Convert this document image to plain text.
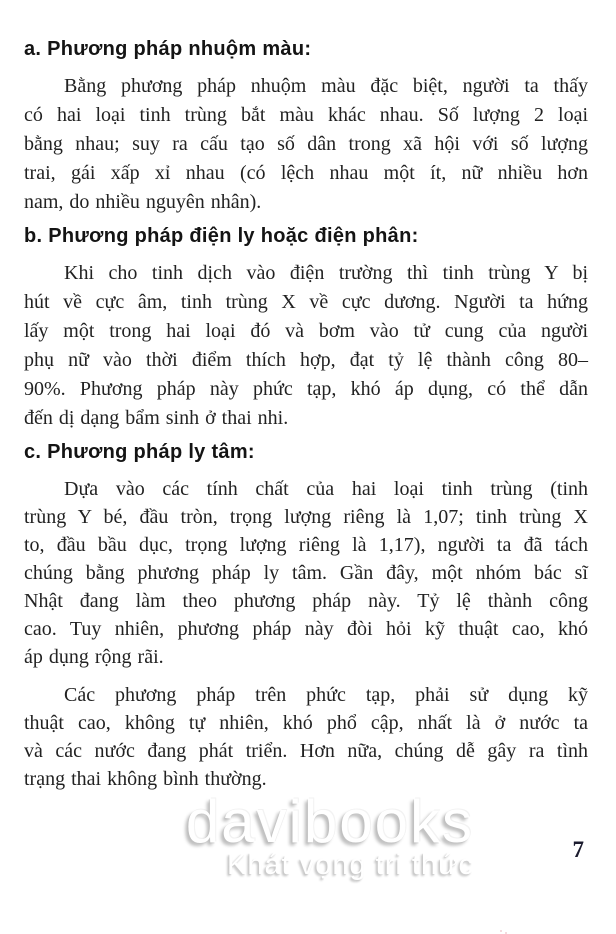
a. Phương pháp nhuộm màu:
Bằng phương pháp nhuộm màu đặc biệt, người ta thấy
có hai loại tinh trùng bắt màu khác nhau. Số lượng 2 loại
bằng nhau; suy ra cấu tạo số dân trong xã hội với số lượng
trai, gái xấp xỉ nhau (có lệch nhau một ít, nữ nhiều hơn
nam, do nhiều nguyên nhân).
b. Phương pháp điện ly hoặc điện phân:
Khi cho tinh dịch vào điện trường thì tinh trùng Y bị
hút về cực âm, tinh trùng X về cực dương. Người ta hứng
lấy một trong hai loại đó và bơm vào tử cung của người
phụ nữ vào thời điểm thích hợp, đạt tỷ lệ thành công 80–
90%. Phương pháp này phức tạp, khó áp dụng, có thể dẫn
đến dị dạng bẩm sinh ở thai nhi.
c. Phương pháp ly tâm:
Dựa vào các tính chất của hai loại tinh trùng (tinh
trùng Y bé, đầu tròn, trọng lượng riêng là 1,07; tinh trùng X
to, đầu bầu dục, trọng lượng riêng là 1,17), người ta đã tách
chúng bằng phương pháp ly tâm. Gần đây, một nhóm bác sĩ
Nhật đang làm theo phương pháp này. Tỷ lệ thành công
cao. Tuy nhiên, phương pháp này đòi hỏi kỹ thuật cao, khó
áp dụng rộng rãi.
Các phương pháp trên phức tạp, phải sử dụng kỹ
thuật cao, không tự nhiên, khó phổ cập, nhất là ở nước ta
và các nước đang phát triển. Hơn nữa, chúng dễ gây ra tình
trạng thai không bình thường.
davibooks
Khát vọng tri thức	7
